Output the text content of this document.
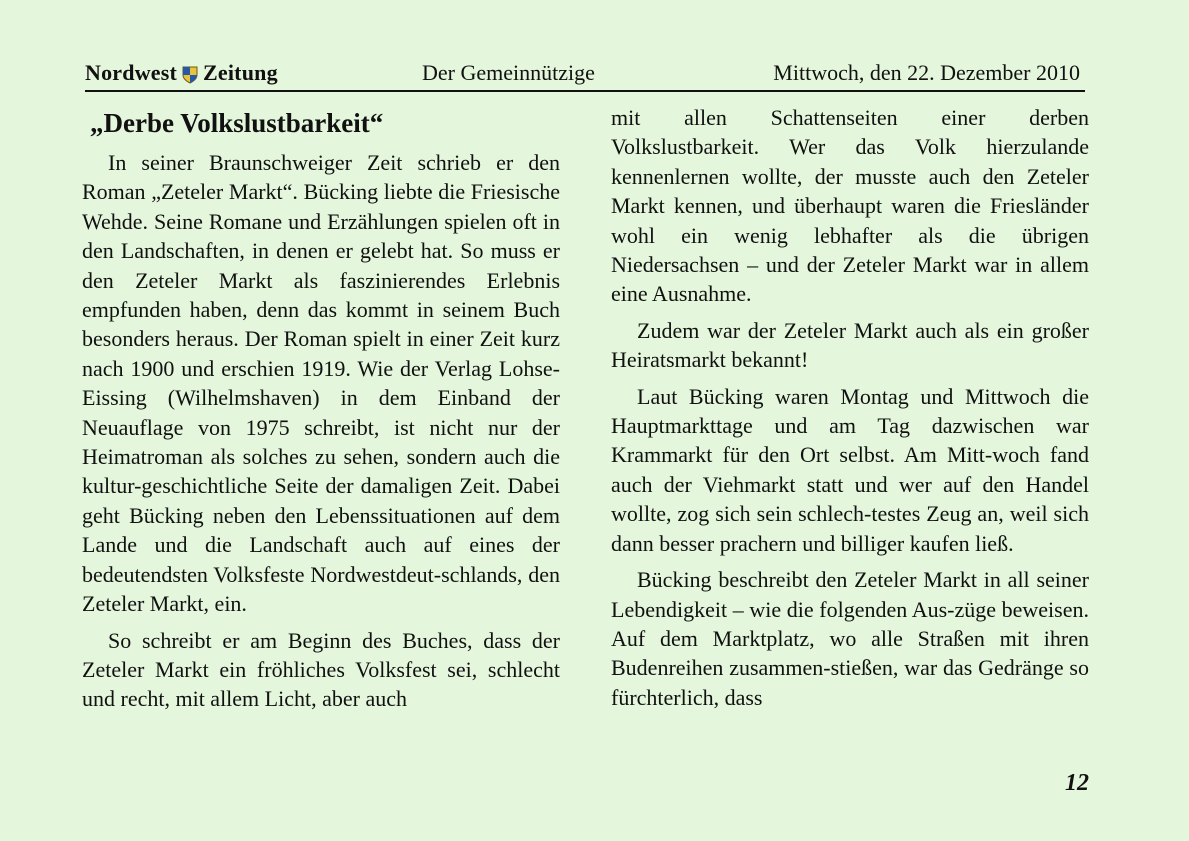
Nordwest Zeitung	Der Gemeinnützige	Mittwoch, den 22. Dezember 2010
„Derbe Volkslustbarkeit“

In seiner Braunschweiger Zeit schrieb er den Roman „Zeteler Markt“. Bücking liebte die Friesische Wehde. Seine Romane und Erzählungen spielen oft in den Landschaften, in denen er gelebt hat. So muss er den Zeteler Markt als faszinierendes Erlebnis empfunden haben, denn das kommt in seinem Buch besonders heraus. Der Roman spielt in einer Zeit kurz nach 1900 und erschien 1919. Wie der Verlag Lohse-Eissing (Wilhelmshaven) in dem Einband der Neuauflage von 1975 schreibt, ist nicht nur der Heimatroman als solches zu sehen, sondern auch die kultur-geschichtliche Seite der damaligen Zeit. Dabei geht Bücking neben den Lebenssituationen auf dem Lande und die Landschaft auch auf eines der bedeutendsten Volksfeste Nordwestdeut-schlands, den Zeteler Markt, ein.

So schreibt er am Beginn des Buches, dass der Zeteler Markt ein fröhliches Volksfest sei, schlecht und recht, mit allem Licht, aber auch

mit allen Schattenseiten einer derben Volkslustbarkeit. Wer das Volk hierzulande kennenlernen wollte, der musste auch den Zeteler Markt kennen, und überhaupt waren die Friesländer wohl ein wenig lebhafter als die übrigen Niedersachsen – und der Zeteler Markt war in allem eine Ausnahme.

Zudem war der Zeteler Markt auch als ein großer Heiratsmarkt bekannt!

Laut Bücking waren Montag und Mittwoch die Hauptmarkttage und am Tag dazwischen war Krammarkt für den Ort selbst. Am Mitt-woch fand auch der Viehmarkt statt und wer auf den Handel wollte, zog sich sein schlech-testes Zeug an, weil sich dann besser prachern und billiger kaufen ließ.

Bücking beschreibt den Zeteler Markt in all seiner Lebendigkeit – wie die folgenden Aus-züge beweisen. Auf dem Marktplatz, wo alle Straßen mit ihren Budenreihen zusammen-stießen, war das Gedränge so fürchterlich, dass

12
